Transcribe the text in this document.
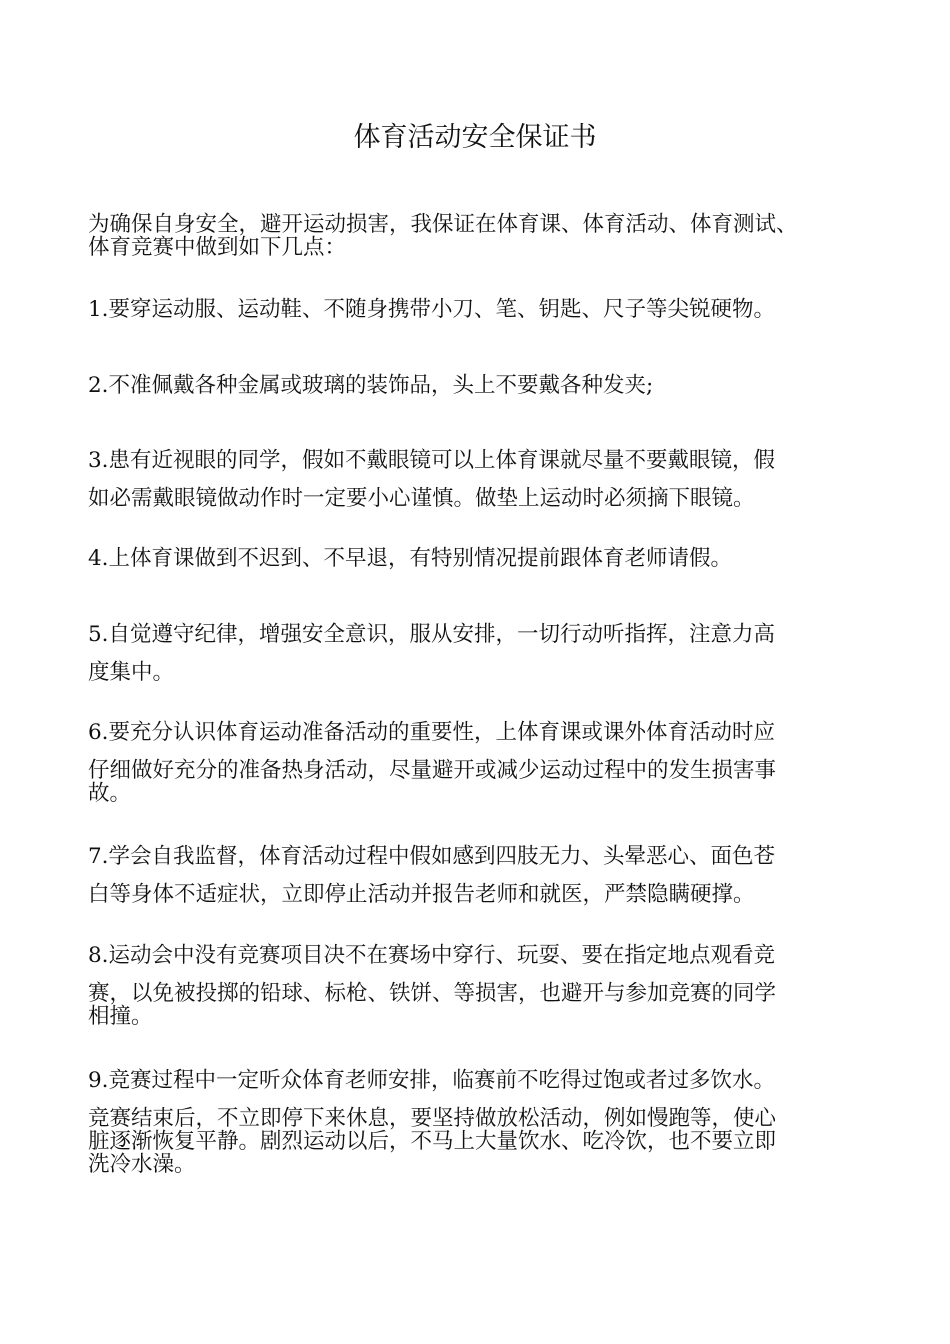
体育活动安全保证书

为确保自身安全，避开运动损害，我保证在体育课、体育活动、体育测试、
体育竞赛中做到如下几点：

1.要穿运动服、运动鞋、不随身携带小刀、笔、钥匙、尺子等尖锐硬物。

2.不准佩戴各种金属或玻璃的装饰品，头上不要戴各种发夹;

3.患有近视眼的同学，假如不戴眼镜可以上体育课就尽量不要戴眼镜，假
如必需戴眼镜做动作时一定要小心谨慎。做垫上运动时必须摘下眼镜。

4.上体育课做到不迟到、不早退，有特别情况提前跟体育老师请假。

5.自觉遵守纪律，增强安全意识，服从安排，一切行动听指挥，注意力高
度集中。

6.要充分认识体育运动准备活动的重要性，上体育课或课外体育活动时应
仔细做好充分的准备热身活动，尽量避开或减少运动过程中的发生损害事
故。

7.学会自我监督，体育活动过程中假如感到四肢无力、头晕恶心、面色苍
白等身体不适症状，立即停止活动并报告老师和就医，严禁隐瞒硬撑。

8.运动会中没有竞赛项目决不在赛场中穿行、玩耍、要在指定地点观看竞
赛，以免被投掷的铅球、标枪、铁饼、等损害，也避开与参加竞赛的同学
相撞。

9.竞赛过程中一定听众体育老师安排，临赛前不吃得过饱或者过多饮水。
竞赛结束后，不立即停下来休息，要坚持做放松活动，例如慢跑等，使心
脏逐渐恢复平静。剧烈运动以后，不马上大量饮水、吃冷饮，也不要立即
洗冷水澡。
